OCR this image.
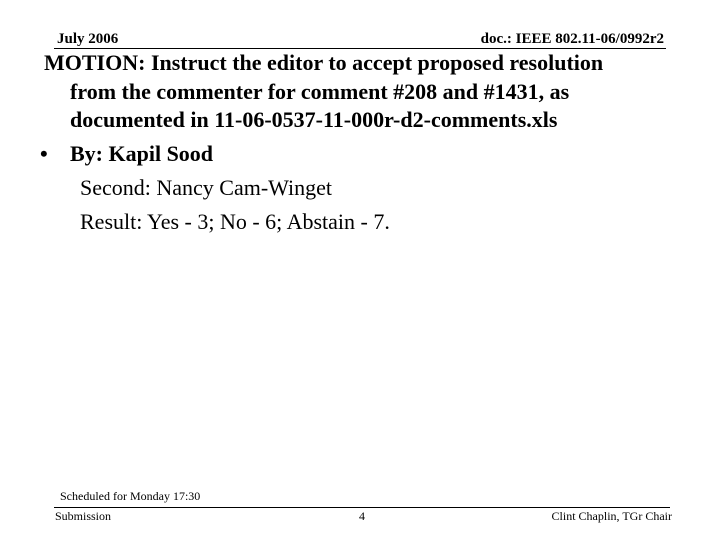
July 2006	doc.: IEEE 802.11-06/0992r2
MOTION: Instruct the editor to accept proposed resolution
from the commenter for comment #208 and #1431, as
documented in 11-06-0537-11-000r-d2-comments.xls
• By: Kapil Sood
Second: Nancy Cam-Winget
Result: Yes - 3; No - 6; Abstain - 7.
Scheduled for Monday 17:30
Submission	4	Clint Chaplin, TGr Chair
